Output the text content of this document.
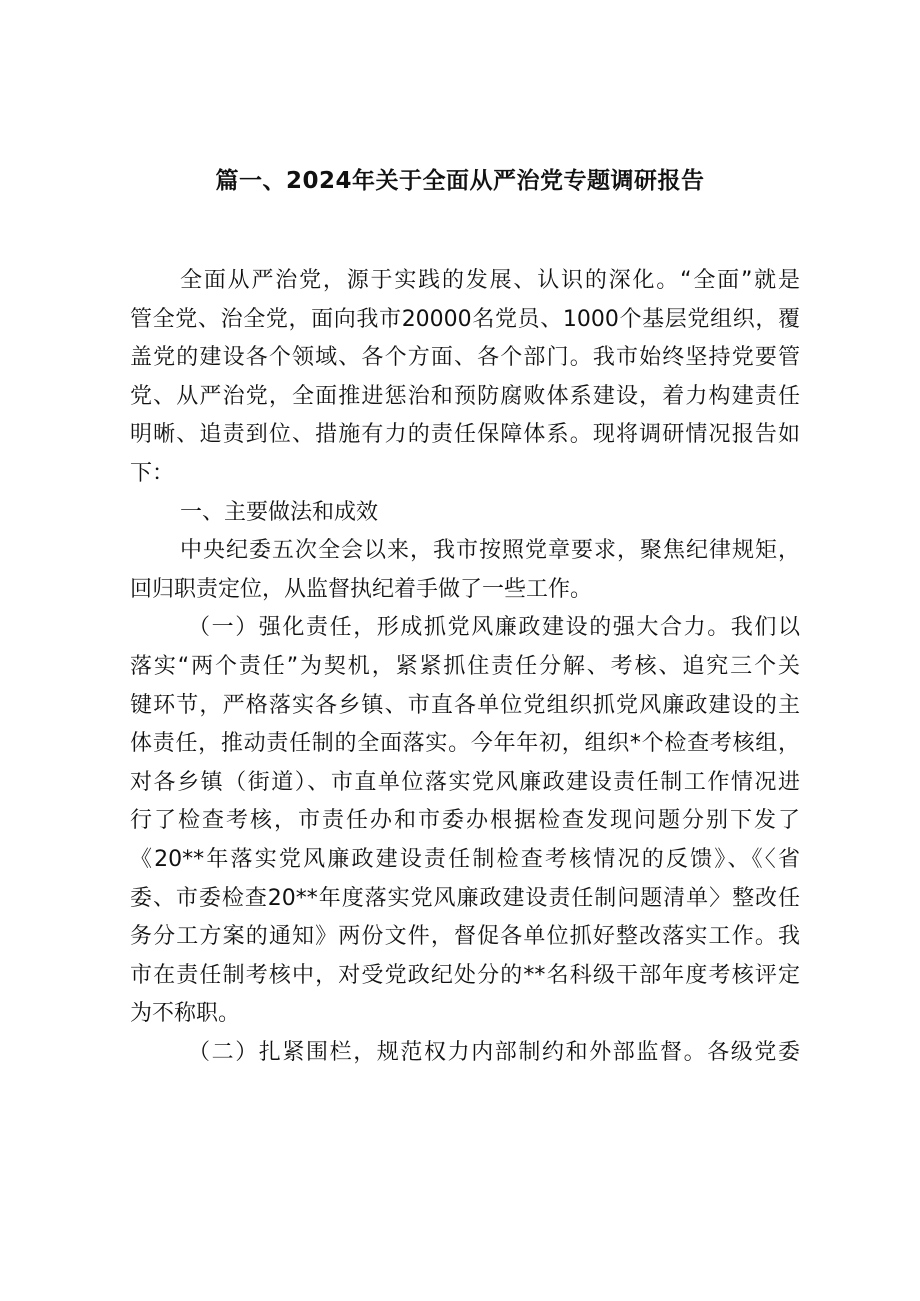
篇一、2024年关于全面从严治党专题调研报告
全面从严治党，源于实践的发展、认识的深化。“全面”就是
管全党、治全党，面向我市20000名党员、1000个基层党组织，覆
盖党的建设各个领域、各个方面、各个部门。我市始终坚持党要管
党、从严治党，全面推进惩治和预防腐败体系建设，着力构建责任
明晰、追责到位、措施有力的责任保障体系。现将调研情况报告如
下：
一、主要做法和成效
中央纪委五次全会以来，我市按照党章要求，聚焦纪律规矩，
回归职责定位，从监督执纪着手做了一些工作。
（一）强化责任，形成抓党风廉政建设的强大合力。我们以
落实“两个责任”为契机，紧紧抓住责任分解、考核、追究三个关
键环节，严格落实各乡镇、市直各单位党组织抓党风廉政建设的主
体责任，推动责任制的全面落实。今年年初，组织*个检查考核组，
对各乡镇（街道）、市直单位落实党风廉政建设责任制工作情况进
行了检查考核，市责任办和市委办根据检查发现问题分别下发了
《20**年落实党风廉政建设责任制检查考核情况的反馈》、《〈省
委、市委检查20**年度落实党风廉政建设责任制问题清单〉整改任
务分工方案的通知》两份文件，督促各单位抓好整改落实工作。我
市在责任制考核中，对受党政纪处分的**名科级干部年度考核评定
为不称职。
（二）扎紧围栏，规范权力内部制约和外部监督。各级党委
